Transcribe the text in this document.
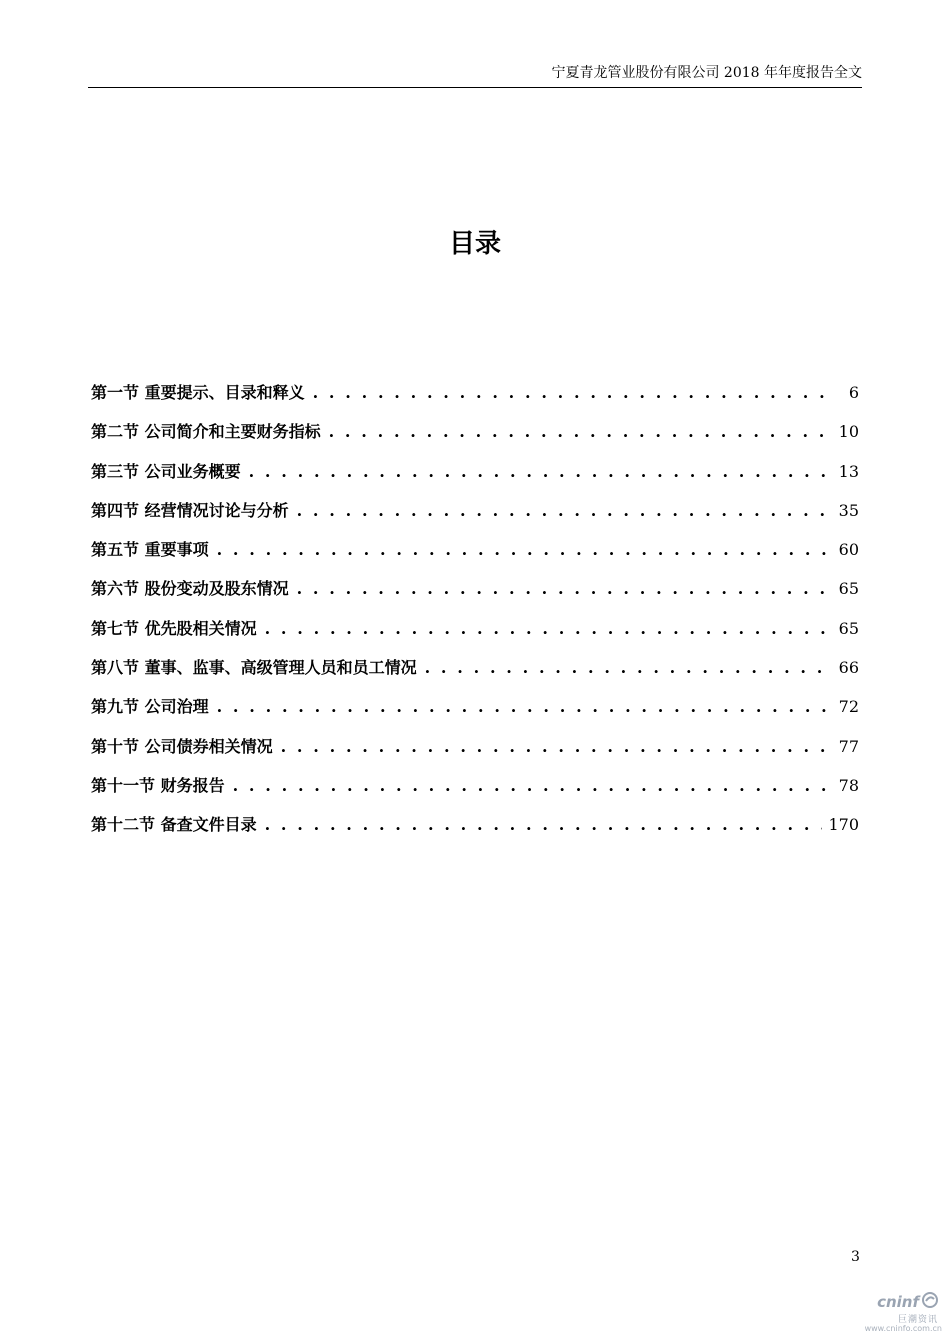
宁夏青龙管业股份有限公司 2018 年年度报告全文
目录
第一节 重要提示、目录和释义 . . .	6
第二节 公司简介和主要财务指标 . . .	10
第三节 公司业务概要 . . .	13
第四节 经营情况讨论与分析 . . .	35
第五节 重要事项 . . .	60
第六节 股份变动及股东情况 . . .	65
第七节 优先股相关情况 . . .	65
第八节 董事、监事、高级管理人员和员工情况 . . .	66
第九节 公司治理 . . .	72
第十节 公司债券相关情况 . . .	77
第十一节 财务报告 . . .	78
第十二节 备查文件目录 . . .	170
3
cninf
巨潮资讯
www.cninfo.com.cn
